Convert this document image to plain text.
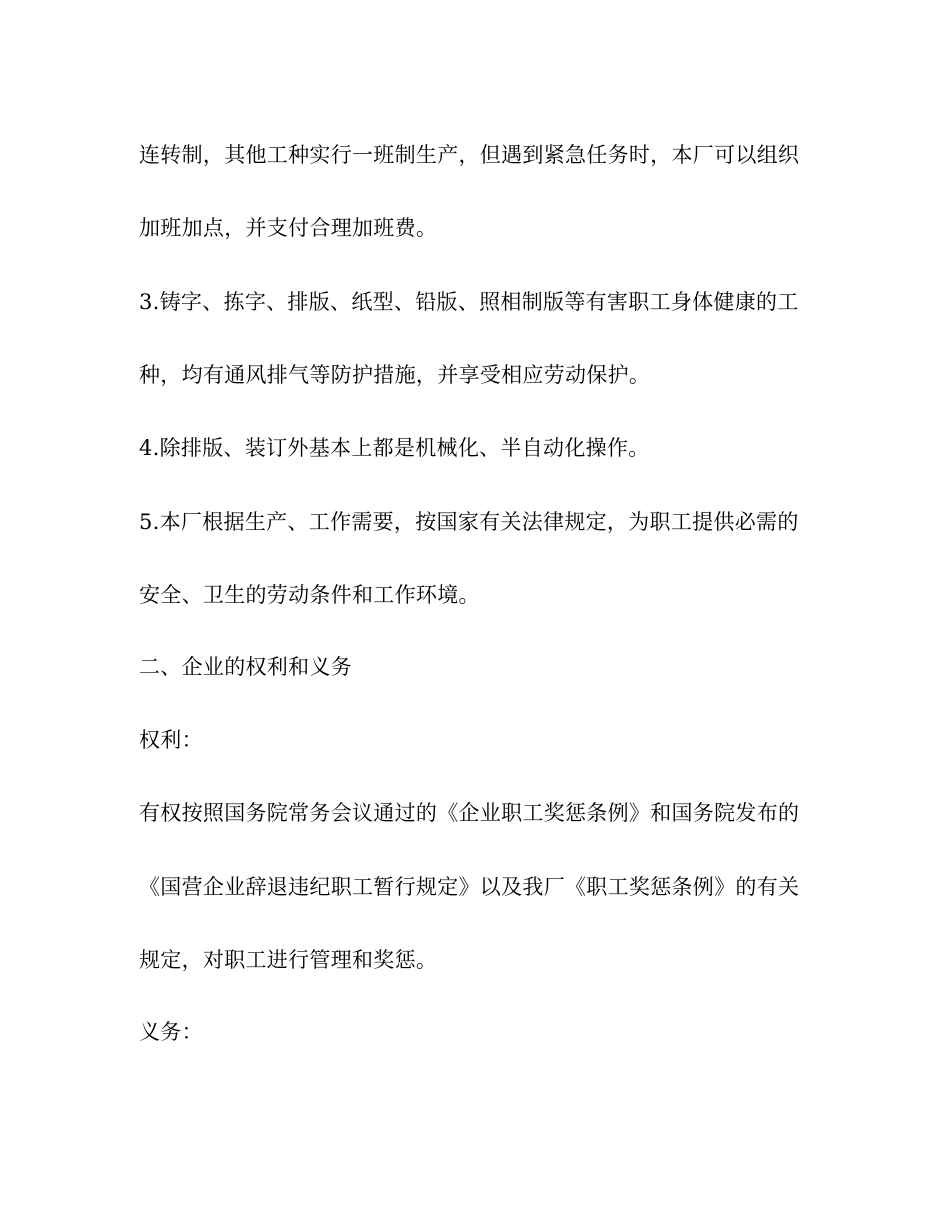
连转制，其他工种实行一班制生产，但遇到紧急任务时，本厂可以组织
加班加点，并支付合理加班费。
3.铸字、拣字、排版、纸型、铅版、照相制版等有害职工身体健康的工
种，均有通风排气等防护措施，并享受相应劳动保护。
4.除排版、装订外基本上都是机械化、半自动化操作。
5.本厂根据生产、工作需要，按国家有关法律规定，为职工提供必需的
安全、卫生的劳动条件和工作环境。
二、企业的权利和义务
权利：
有权按照国务院常务会议通过的《企业职工奖惩条例》和国务院发布的
《国营企业辞退违纪职工暂行规定》以及我厂《职工奖惩条例》的有关
规定，对职工进行管理和奖惩。
义务：
